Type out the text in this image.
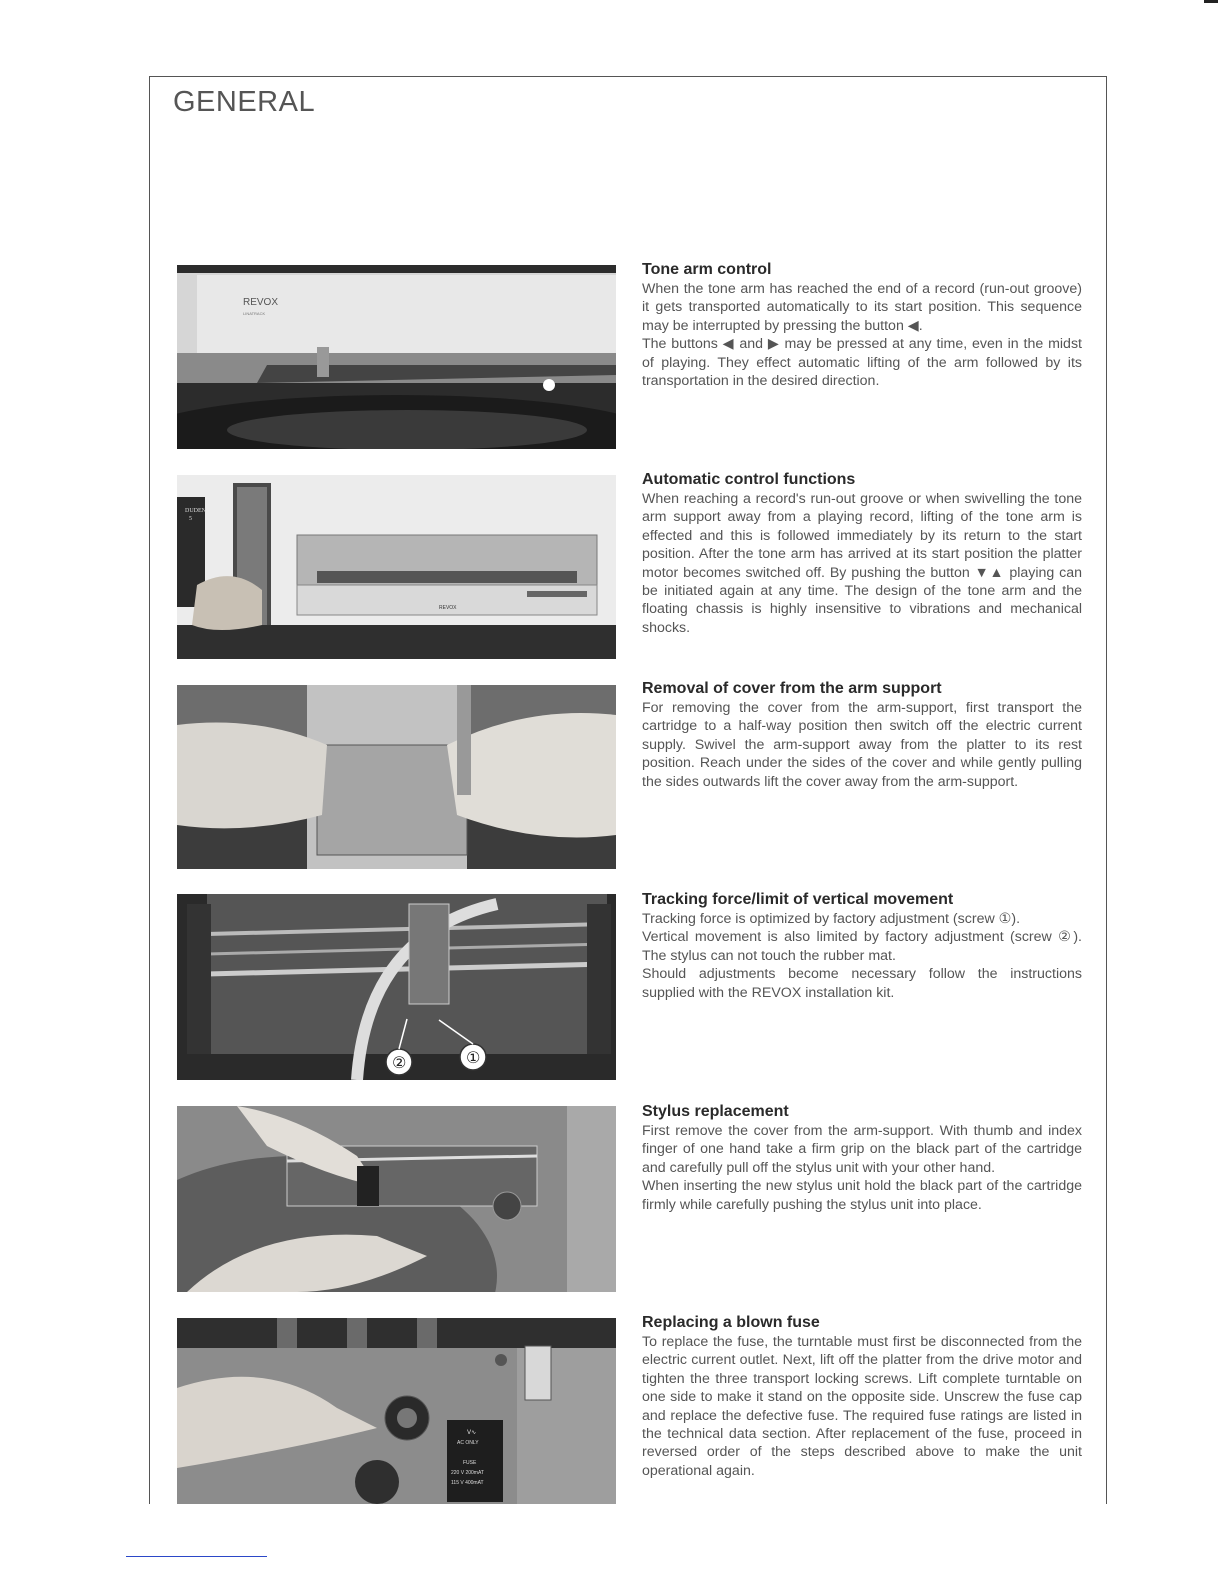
GENERAL
REVOX
LINATRACK
DUDEN
5
REVOX
②	①
V∿
AC ONLY
FUSE
220 V 200mAT
115 V 400mAT
Tone arm control

When the tone arm has reached the end of a record (run-out groove) it gets transported automatically to its start position. This sequence may be interrupted by pressing the button ◀.
The buttons ◀ and ▶ may be pressed at any time, even in the midst of playing. They effect automatic lifting of the arm followed by its transportation in the desired direction.

Automatic control functions

When reaching a record's run-out groove or when swivelling the tone arm support away from a playing record, lifting of the tone arm is effected and this is followed immediately by its return to the start position. After the tone arm has arrived at its start position the platter motor becomes switched off. By pushing the button ▼▲ playing can be initiated again at any time. The design of the tone arm and the floating chassis is highly insensitive to vibrations and mechanical shocks.

Removal of cover from the arm support

For removing the cover from the arm-support, first transport the cartridge to a half-way position then switch off the electric current supply. Swivel the arm-support away from the platter to its rest position. Reach under the sides of the cover and while gently pulling the sides outwards lift the cover away from the arm-support.

Tracking force/limit of vertical movement

Tracking force is optimized by factory adjustment (screw ①).
Vertical movement is also limited by factory adjustment (screw ②). The stylus can not touch the rubber mat.
Should adjustments become necessary follow the instructions supplied with the REVOX installation kit.

Stylus replacement

First remove the cover from the arm-support. With thumb and index finger of one hand take a firm grip on the black part of the cartridge and carefully pull off the stylus unit with your other hand.
When inserting the new stylus unit hold the black part of the cartridge firmly while carefully pushing the stylus unit into place.

Replacing a blown fuse

To replace the fuse, the turntable must first be disconnected from the electric current outlet. Next, lift off the platter from the drive motor and tighten the three transport locking screws. Lift complete turntable on one side to make it stand on the opposite side. Unscrew the fuse cap and replace the defective fuse. The required fuse ratings are listed in the technical data section. After replacement of the fuse, proceed in reversed order of the steps described above to make the unit operational again.
